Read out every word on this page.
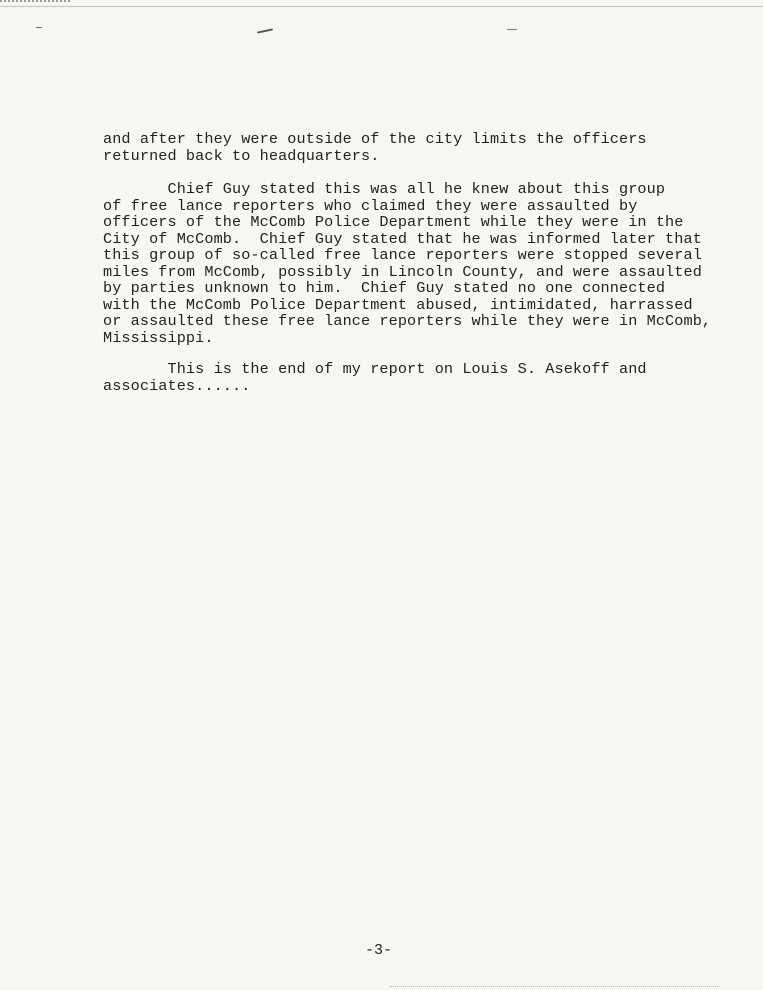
and after they were outside of the city limits the officers
returned back to headquarters.

Chief Guy stated this was all he knew about this group
of free lance reporters who claimed they were assaulted by
officers of the McComb Police Department while they were in the
City of McComb.  Chief Guy stated that he was informed later that
this group of so-called free lance reporters were stopped several
miles from McComb, possibly in Lincoln County, and were assaulted
by parties unknown to him.  Chief Guy stated no one connected
with the McComb Police Department abused, intimidated, harrassed
or assaulted these free lance reporters while they were in McComb,
Mississippi.

This is the end of my report on Louis S. Asekoff and
associates......

-3-
